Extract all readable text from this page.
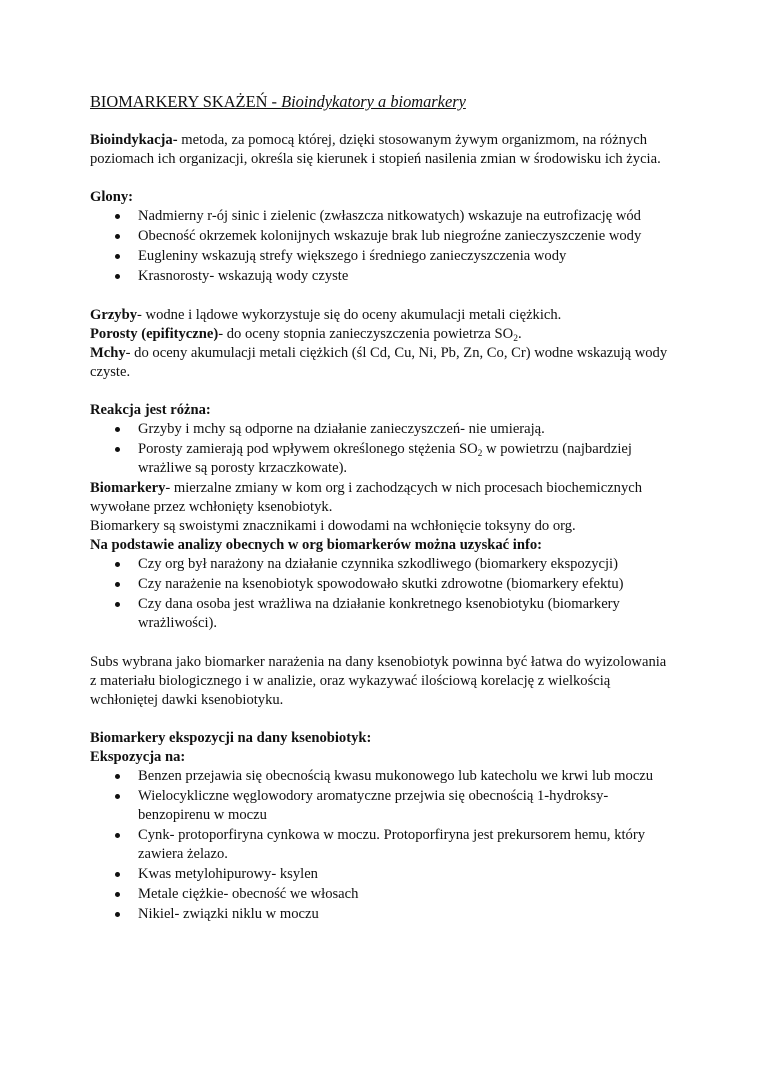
BIOMARKERY SKAŻEŃ - Bioindykatory a biomarkery

Bioindykacja- metoda, za pomocą której, dzięki stosowanym żywym organizmom, na różnych poziomach ich organizacji, określa się kierunek i stopień nasilenia zmian w środowisku ich życia.

Glony:

Nadmierny r-ój sinic i zielenic (zwłaszcza nitkowatych) wskazuje na eutrofizację wód
Obecność okrzemek kolonijnych wskazuje brak lub niegroźne zanieczyszczenie wody
Eugleniny wskazują strefy większego i średniego zanieczyszczenia wody
Krasnorosty- wskazują wody czyste

Grzyby- wodne i lądowe wykorzystuje się do oceny akumulacji metali ciężkich.

Porosty (epifityczne)- do oceny stopnia zanieczyszczenia powietrza $SO_2$.

Mchy- do oceny akumulacji metali ciężkich (śl Cd, Cu, Ni, Pb, Zn, Co, Cr) wodne wskazują wody czyste.

Reakcja jest różna:

Grzyby i mchy są odporne na działanie zanieczyszczeń- nie umierają.
Porosty zamierają pod wpływem określonego stężenia $SO_2$ w powietrzu (najbardziej wrażliwe są porosty krzaczkowate).

Biomarkery- mierzalne zmiany w kom org i zachodzących w nich procesach biochemicznych wywołane przez wchłonięty ksenobiotyk.

Biomarkery są swoistymi znacznikami i dowodami na wchłonięcie toksyny do org.

Na podstawie analizy obecnych w org biomarkerów można uzyskać info:

Czy org był narażony na działanie czynnika szkodliwego (biomarkery ekspozycji)
Czy narażenie na ksenobiotyk spowodowało skutki zdrowotne (biomarkery efektu)
Czy dana osoba jest wrażliwa na działanie konkretnego ksenobiotyku (biomarkery wrażliwości).

Subs wybrana jako biomarker narażenia na dany ksenobiotyk powinna być łatwa do wyizolowania z materiału biologicznego i w analizie, oraz wykazywać ilościową korelację z wielkością wchłoniętej dawki ksenobiotyku.

Biomarkery ekspozycji na dany ksenobiotyk:

Ekspozycja na:

Benzen przejawia się obecnością kwasu mukonowego lub katecholu we krwi lub moczu
Wielocykliczne węglowodory aromatyczne przejwia się obecnością 1-hydroksy-benzopirenu w moczu
Cynk- protoporfiryna cynkowa w moczu. Protoporfiryna jest prekursorem hemu, który zawiera żelazo.
Kwas metylohipurowy- ksylen
Metale ciężkie- obecność we włosach
Nikiel- związki niklu w moczu
